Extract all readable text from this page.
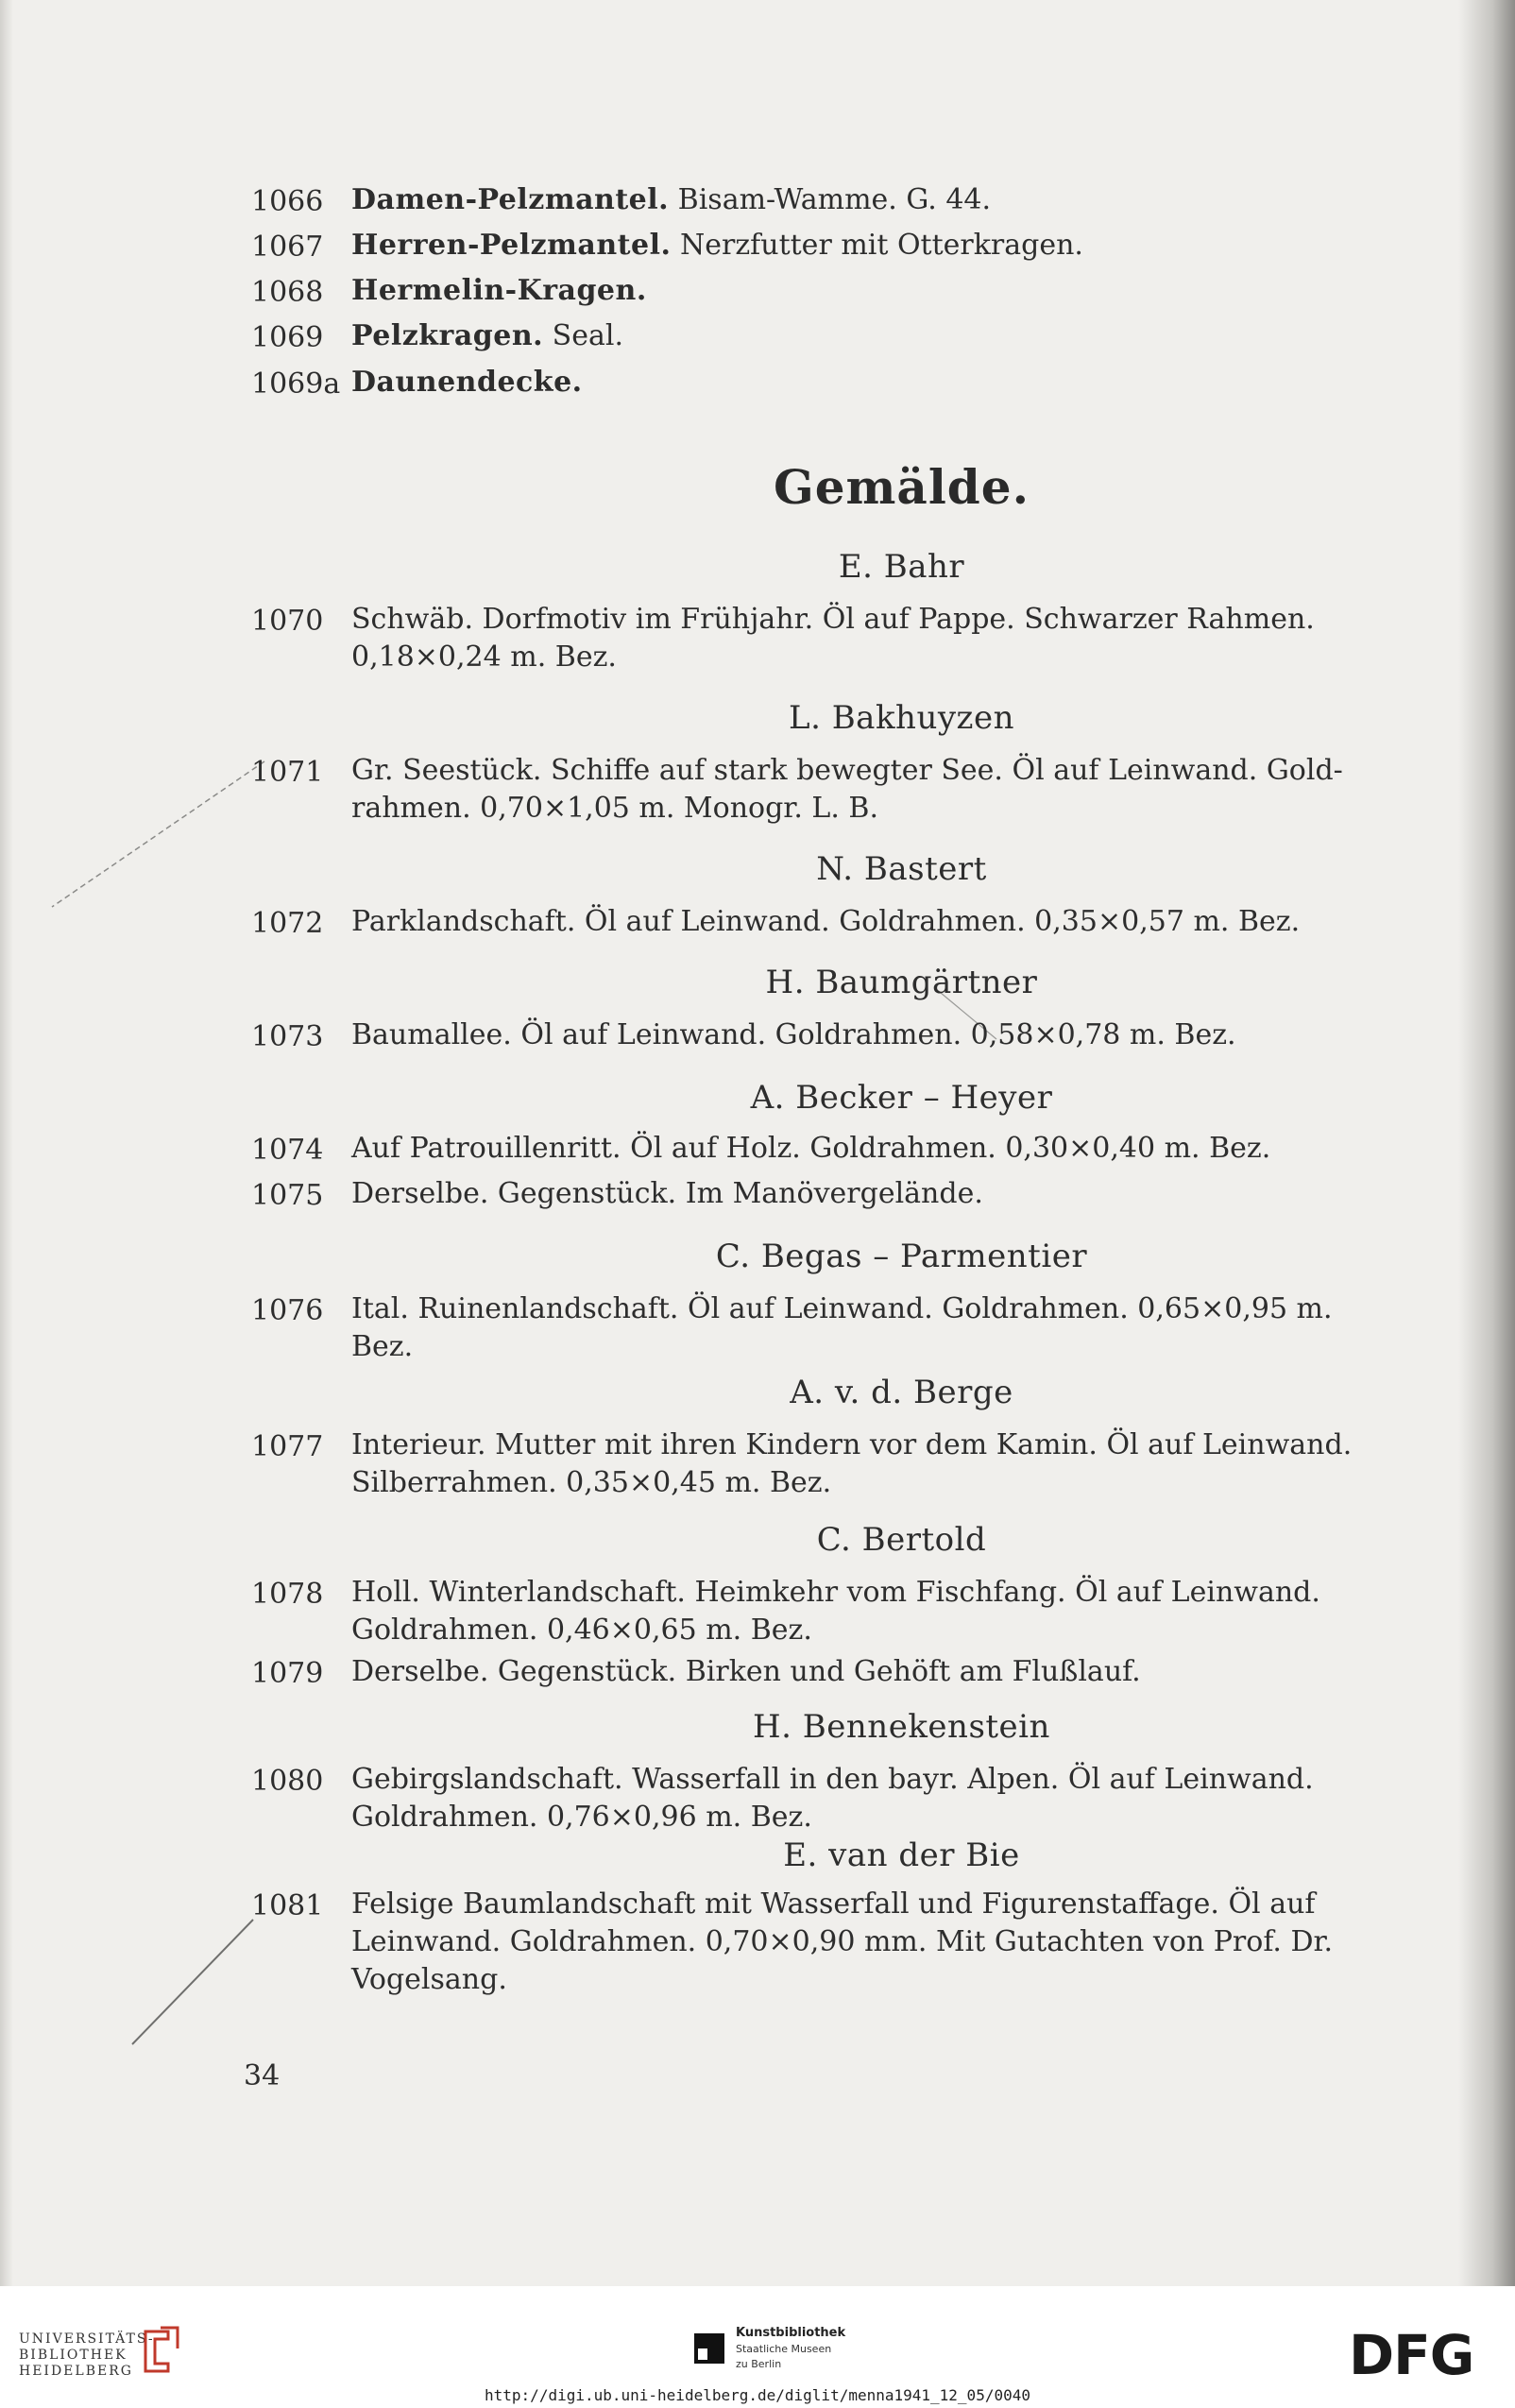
1066 Damen-Pelzmantel. Bisam-Wamme. G. 44.
1067 Herren-Pelzmantel. Nerzfutter mit Otterkragen.
1068 Hermelin-Kragen.
1069 Pelzkragen. Seal.
1069a Daunendecke.
Gemälde.
E. Bahr
1070 Schwäb. Dorfmotiv im Frühjahr. Öl auf Pappe. Schwarzer Rahmen.
0,18×0,24 m. Bez.
L. Bakhuyzen
1071 Gr. Seestück. Schiffe auf stark bewegter See. Öl auf Leinwand. Gold-
rahmen. 0,70×1,05 m. Monogr. L. B.
N. Bastert
1072 Parklandschaft. Öl auf Leinwand. Goldrahmen. 0,35×0,57 m. Bez.
H. Baumgärtner
1073 Baumallee. Öl auf Leinwand. Goldrahmen. 0,58×0,78 m. Bez.
A. Becker – Heyer
1074 Auf Patrouillenritt. Öl auf Holz. Goldrahmen. 0,30×0,40 m. Bez.
1075 Derselbe. Gegenstück. Im Manövergelände.
C. Begas – Parmentier
1076 Ital. Ruinenlandschaft. Öl auf Leinwand. Goldrahmen. 0,65×0,95 m.
Bez.
A. v. d. Berge
1077 Interieur. Mutter mit ihren Kindern vor dem Kamin. Öl auf Leinwand.
Silberrahmen. 0,35×0,45 m. Bez.
C. Bertold
1078 Holl. Winterlandschaft. Heimkehr vom Fischfang. Öl auf Leinwand.
Goldrahmen. 0,46×0,65 m. Bez.
1079 Derselbe. Gegenstück. Birken und Gehöft am Flußlauf.
H. Bennekenstein
1080 Gebirgslandschaft. Wasserfall in den bayr. Alpen. Öl auf Leinwand.
Goldrahmen. 0,76×0,96 m. Bez.
E. van der Bie
1081 Felsige Baumlandschaft mit Wasserfall und Figurenstaffage. Öl auf
Leinwand. Goldrahmen. 0,70×0,90 mm. Mit Gutachten von Prof. Dr.
Vogelsang.
34
UNIVERSITÄTS-
BIBLIOTHEK
HEIDELBERG
Kunstbibliothek
Staatliche Museen
zu Berlin	DFG
http://digi.ub.uni-heidelberg.de/diglit/menna1941_12_05/0040
